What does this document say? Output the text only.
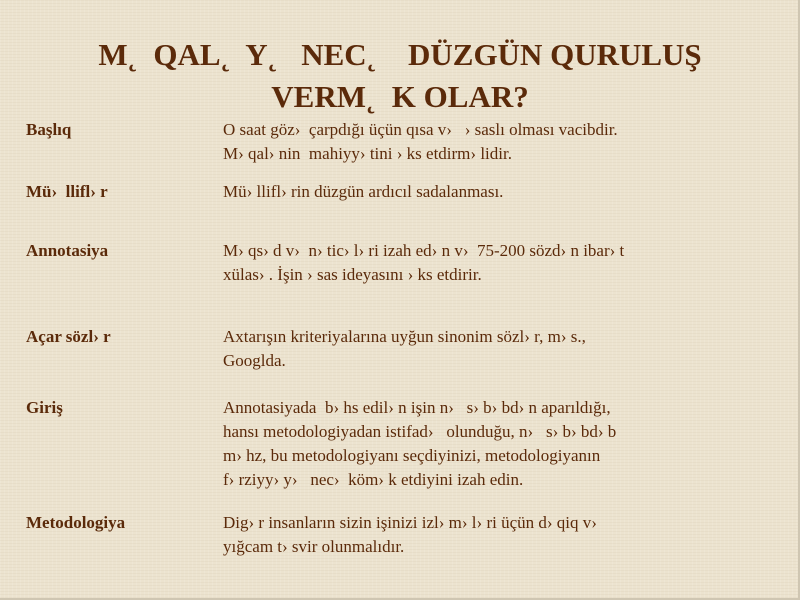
M˛  QAL˛  Y˛   NEC˛    DÜZGÜN QURULUŞ
VERM˛  K OLAR?
Başlıq	O saat göz›  çarpdığı üçün qısa v›   › saslı olması vacibdir.
M› qal› nin  mahiyy› tini › ks etdirm› lidir.
Mü›  llifl› r	Mü› llifl› rin düzgün ardıcıl sadalanması.
Annotasiya	M› qs› d v›  n› tic› l› ri izah ed› n v›  75-200 sözd› n ibar› t
xülas› . İşin › sas ideyasını › ks etdirir.
Açar sözl› r	Axtarışın kriteriyalarına uyğun sinonim sözl› r, m› s.,
Googlda.
Giriş	Annotasiyada  b› hs edil› n işin n›   s› b› bd› n aparıldığı,
hansı metodologiyadan istifad›   olunduğu, n›   s› b› bd› b
m› hz, bu metodologiyanı seçdiyinizi, metodologiyanın
f› rziyy› y›   nec›  köm› k etdiyini izah edin.
Metodologiya	Dig› r insanların sizin işinizi izl› m› l› ri üçün d› qiq v›
yığcam t› svir olunmalıdır.
